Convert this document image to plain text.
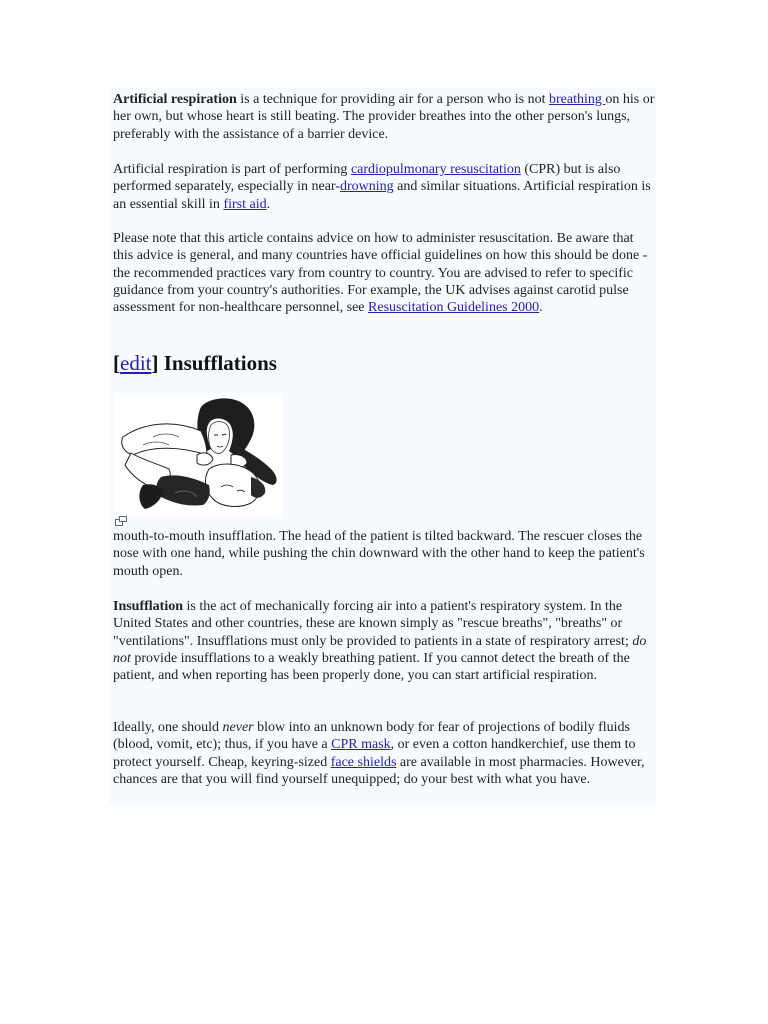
Artificial respiration is a technique for providing air for a person who is not breathing on his or her own, but whose heart is still beating. The provider breathes into the other person's lungs, preferably with the assistance of a barrier device.

Artificial respiration is part of performing cardiopulmonary resuscitation (CPR) but is also performed separately, especially in near-drowning and similar situations. Artificial respiration is an essential skill in first aid.

Please note that this article contains advice on how to administer resuscitation. Be aware that this advice is general, and many countries have official guidelines on how this should be done - the recommended practices vary from country to country. You are advised to refer to specific guidance from your country's authorities. For example, the UK advises against carotid pulse assessment for non-healthcare personnel, see Resuscitation Guidelines 2000.

[edit] Insufflations

mouth-to-mouth insufflation. The head of the patient is tilted backward. The rescuer closes the nose with one hand, while pushing the chin downward with the other hand to keep the patient's mouth open.

Insufflation is the act of mechanically forcing air into a patient's respiratory system. In the United States and other countries, these are known simply as "rescue breaths", "breaths" or "ventilations". Insufflations must only be provided to patients in a state of respiratory arrest; do not provide insufflations to a weakly breathing patient. If you cannot detect the breath of the patient, and when reporting has been properly done, you can start artificial respiration.

Ideally, one should never blow into an unknown body for fear of projections of bodily fluids (blood, vomit, etc); thus, if you have a CPR mask, or even a cotton handkerchief, use them to protect yourself. Cheap, keyring-sized face shields are available in most pharmacies. However, chances are that you will find yourself unequipped; do your best with what you have.
